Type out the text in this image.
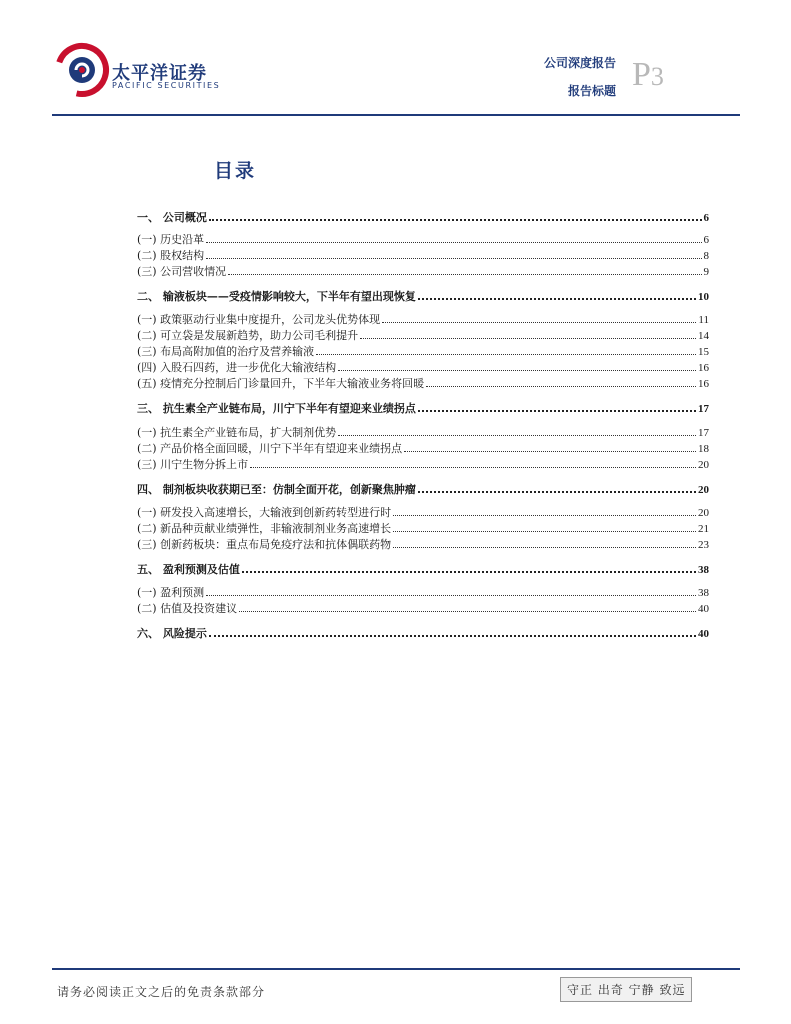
太平洋证券
PACIFIC SECURITIES
公司深度报告
报告标题 P3
目录
一、 公司概况	6
(一) 历史沿革	6
(二) 股权结构	8
(三) 公司营收情况	9
二、 输液板块——受疫情影响较大，下半年有望出现恢复	10
(一) 政策驱动行业集中度提升，公司龙头优势体现	11
(二) 可立袋是发展新趋势，助力公司毛利提升	14
(三) 布局高附加值的治疗及营养输液	15
(四) 入股石四药，进一步优化大输液结构	16
(五) 疫情充分控制后门诊量回升，下半年大输液业务将回暖	16
三、 抗生素全产业链布局，川宁下半年有望迎来业绩拐点	17
(一) 抗生素全产业链布局，扩大制剂优势	17
(二) 产品价格全面回暖，川宁下半年有望迎来业绩拐点	18
(三) 川宁生物分拆上市	20
四、 制剂板块收获期已至：仿制全面开花，创新聚焦肿瘤	20
(一) 研发投入高速增长，大输液到创新药转型进行时	20
(二) 新品种贡献业绩弹性，非输液制剂业务高速增长	21
(三) 创新药板块：重点布局免疫疗法和抗体偶联药物	23
五、 盈利预测及估值	38
(一) 盈利预测	38
(二) 估值及投资建议	40
六、 风险提示	40
请务必阅读正文之后的免责条款部分	守正 出奇 宁静 致远
